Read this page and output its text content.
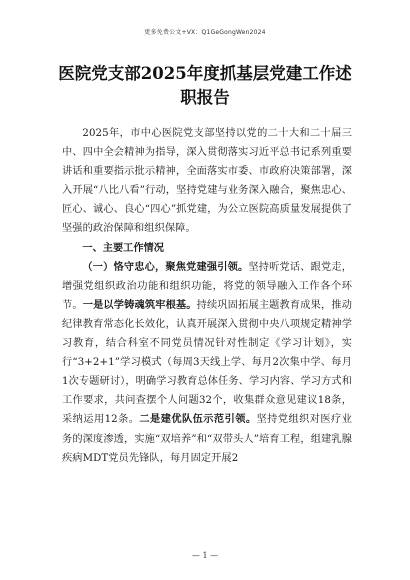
更多免费公文+VX：Q1GeGongWen2024
医院党支部2025年度抓基层党建工作述
职报告

2025年，市中心医院党支部坚持以党的二十大和二十届三中、四中全会精神为指导，深入贯彻落实习近平总书记系列重要讲话和重要指示批示精神，全面落实市委、市政府决策部署，深入开展“八比八看”行动，坚持党建与业务深入融合，聚焦忠心、匠心、诚心、良心“四心”抓党建，为公立医院高质量发展提供了坚强的政治保障和组织保障。

一、主要工作情况

（一）恪守忠心，聚焦党建强引领。坚持听党话、跟党走，增强党组织政治功能和组织功能，将党的领导融入工作各个环节。一是以学铸魂筑牢根基。持续巩固拓展主题教育成果，推动纪律教育常态化长效化，认真开展深入贯彻中央八项规定精神学习教育，结合科室不同党员情况针对性制定《学习计划》，实行“3+2+1”学习模式（每周3天线上学、每月2次集中学、每月1次专题研讨），明确学习教育总体任务、学习内容、学习方式和工作要求，共问查摆个人问题32个，收集群众意见建议18条，采纳运用12条。二是建优队伍示范引领。坚持党组织对医疗业务的深度渗透，实施“双培养”和“双带头人”培育工程，组建乳腺疾病MDT党员先锋队，每月固定开展2

— 1 —
